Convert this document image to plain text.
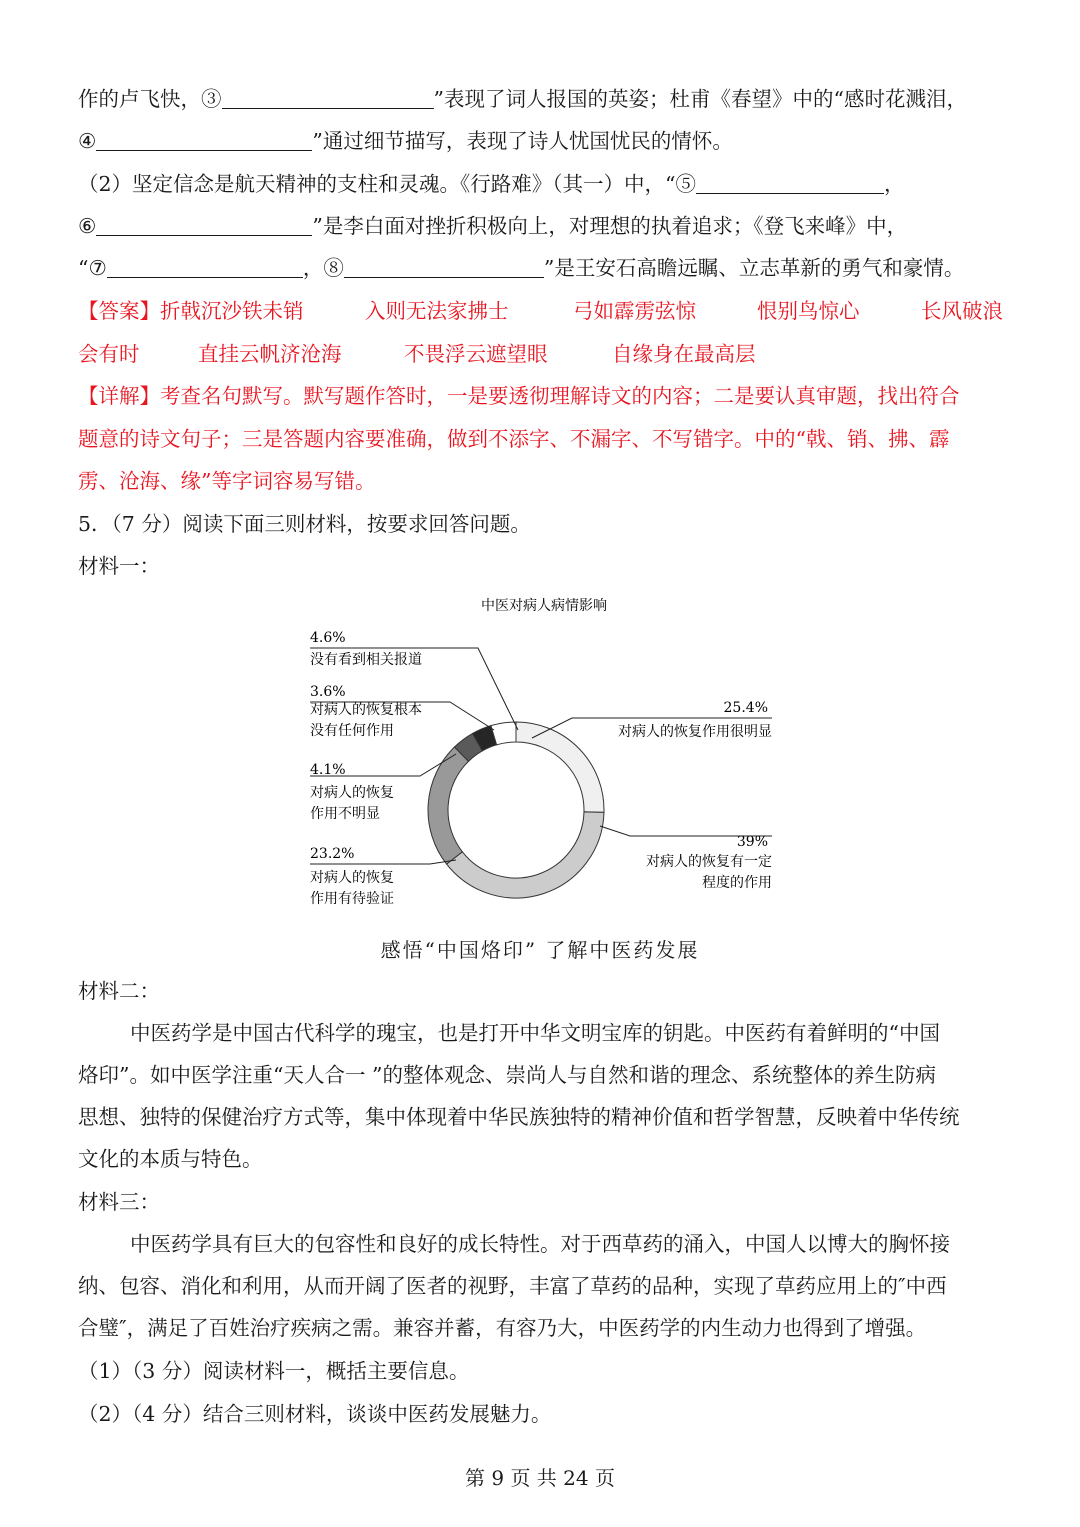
作的卢飞快，③	”表现了词人报国的英姿；杜甫《春望》中的“感时花溅泪，
④	”通过细节描写，表现了诗人忧国忧民的情怀。
（2）坚定信念是航天精神的支柱和灵魂。《行路难》（其一）中，“⑤	，
⑥	”是李白面对挫折积极向上，对理想的执着追求；《登飞来峰》中，
“⑦	，⑧	”是王安石高瞻远瞩、立志革新的勇气和豪情。
【答案】折戟沉沙铁未销	入则无法家拂士	弓如霹雳弦惊	恨别鸟惊心	长风破浪
会有时	直挂云帆济沧海	不畏浮云遮望眼	自缘身在最高层
【详解】考查名句默写。默写题作答时，一是要透彻理解诗文的内容；二是要认真审题，找出符合
题意的诗文句子；三是答题内容要准确，做到不添字、不漏字、不写错字。中的“戟、销、拂、霹
雳、沧海、缘”等字词容易写错。
5．（7 分）阅读下面三则材料，按要求回答问题。
材料一：
中医对病人病情影响
25.4%
对病人的恢复作用很明显
39%
对病人的恢复有一定
程度的作用
23.2%
对病人的恢复
作用有待验证
4.1%
对病人的恢复
作用不明显
3.6%
对病人的恢复根本
没有任何作用
4.6%
没有看到相关报道
感悟“中国烙印” 了解中医药发展
材料二：
中医药学是中国古代科学的瑰宝，也是打开中华文明宝库的钥匙。中医药有着鲜明的“中国
烙印”。如中医学注重“天人合一 ”的整体观念、崇尚人与自然和谐的理念、系统整体的养生防病
思想、独特的保健治疗方式等，集中体现着中华民族独特的精神价值和哲学智慧，反映着中华传统
文化的本质与特色。
材料三：
中医药学具有巨大的包容性和良好的成长特性。对于西草药的涌入，中国人以博大的胸怀接
纳、包容、消化和利用，从而开阔了医者的视野，丰富了草药的品种，实现了草药应用上的″中西
合璧″，满足了百姓治疗疾病之需。兼容并蓄，有容乃大，中医药学的内生动力也得到了增强。
（1）（3 分）阅读材料一，概括主要信息。
（2）（4 分）结合三则材料，谈谈中医药发展魅力。
第 9 页 共 24 页
